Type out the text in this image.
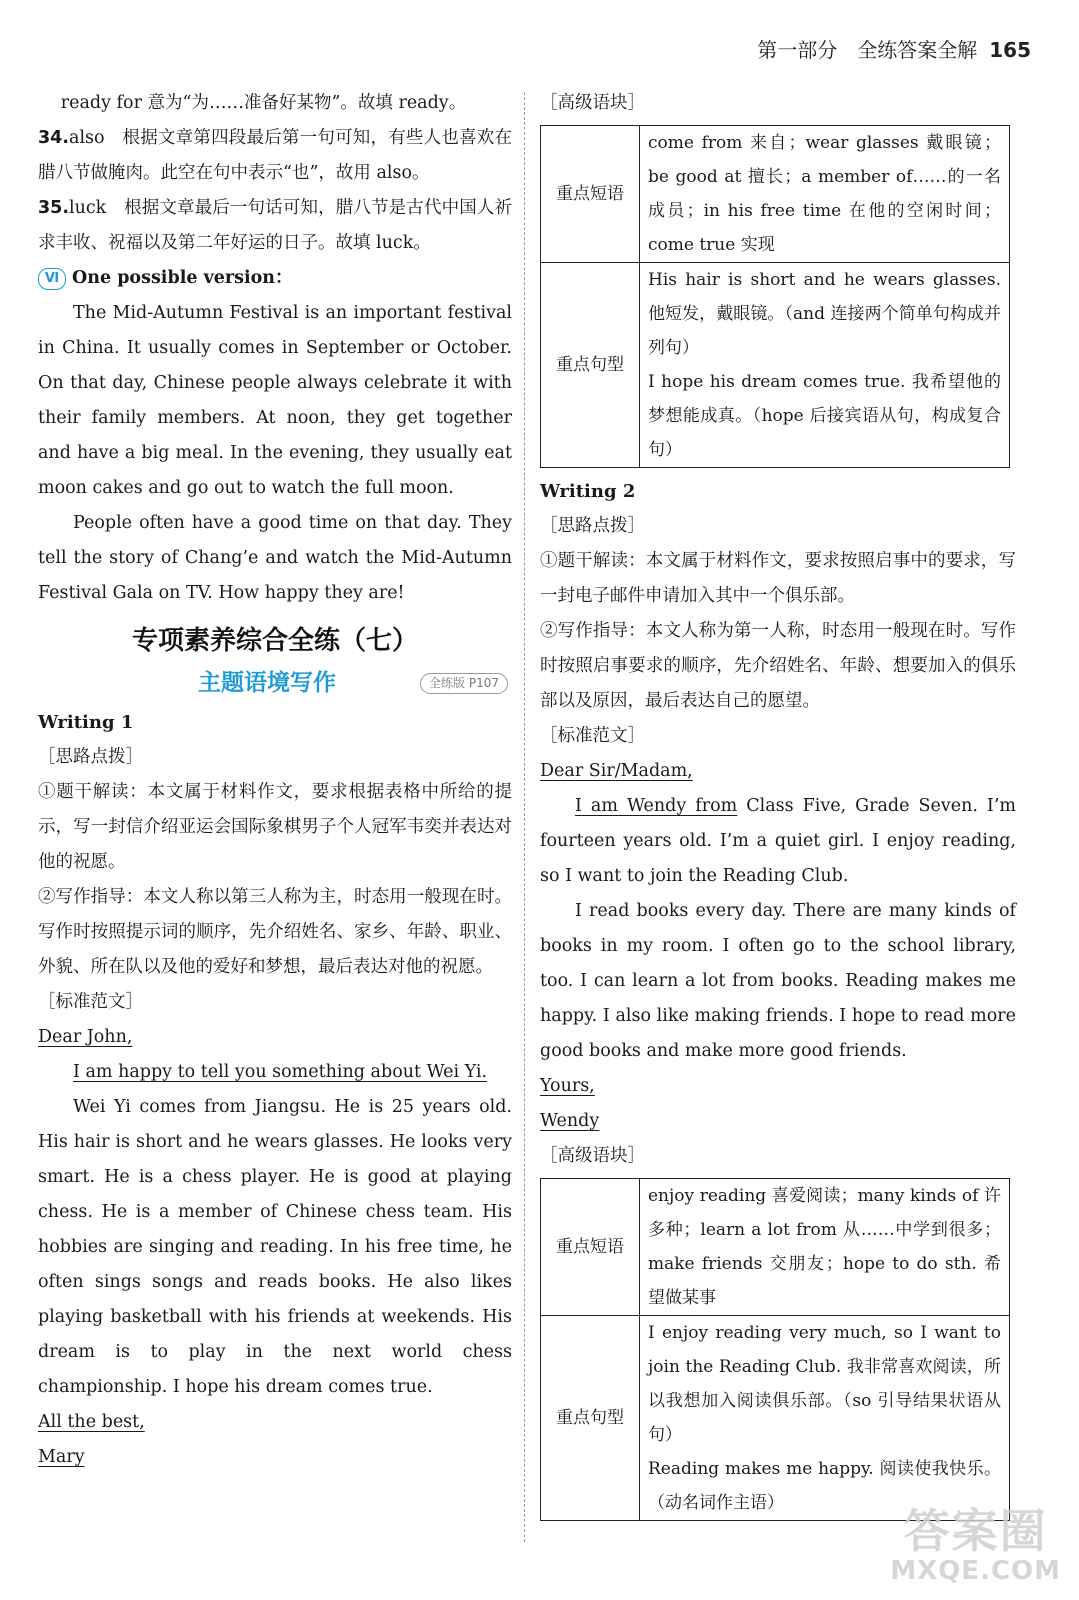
第一部分　全练答案全解 165

ready for 意为“为……准备好某物”。故填 ready。

34.also　根据文章第四段最后第一句可知，有些人也喜欢在腊八节做腌肉。此空在句中表示“也”，故用 also。

35.luck　根据文章最后一句话可知，腊八节是古代中国人祈求丰收、祝福以及第二年好运的日子。故填 luck。

Ⅵ One possible version：

The Mid-Autumn Festival is an important festival in China. It usually comes in September or October. On that day, Chinese people always celebrate it with their family members. At noon, they get together and have a big meal. In the evening, they usually eat moon cakes and go out to watch the full moon.

People often have a good time on that day. They tell the story of Chang’e and watch the Mid-Autumn Festival Gala on TV. How happy they are!

专项素养综合全练（七）
主题语境写作	全练版 P107

Writing 1

［思路点拨］

①题干解读：本文属于材料作文，要求根据表格中所给的提示，写一封信介绍亚运会国际象棋男子个人冠军韦奕并表达对他的祝愿。

②写作指导：本文人称以第三人称为主，时态用一般现在时。写作时按照提示词的顺序，先介绍姓名、家乡、年龄、职业、外貌、所在队以及他的爱好和梦想，最后表达对他的祝愿。

［标准范文］

Dear John,

I am happy to tell you something about Wei Yi.

Wei Yi comes from Jiangsu. He is 25 years old. His hair is short and he wears glasses. He looks very smart. He is a chess player. He is good at playing chess. He is a member of Chinese chess team. His hobbies are singing and reading. In his free time, he often sings songs and reads books. He also likes playing basketball with his friends at weekends. His dream is to play in the next world chess championship. I hope his dream comes true.

All the best,

Mary

［高级语块］

重点短语	come from 来自；wear glasses 戴眼镜；be good at 擅长；a member of……的一名成员；in his free time 在他的空闲时间；come true 实现
重点句型	His hair is short and he wears glasses. 他短发，戴眼镜。（and 连接两个简单句构成并列句）
I hope his dream comes true. 我希望他的梦想能成真。（hope 后接宾语从句，构成复合句）

Writing 2

［思路点拨］

①题干解读：本文属于材料作文，要求按照启事中的要求，写一封电子邮件申请加入其中一个俱乐部。

②写作指导：本文人称为第一人称，时态用一般现在时。写作时按照启事要求的顺序，先介绍姓名、年龄、想要加入的俱乐部以及原因，最后表达自己的愿望。

［标准范文］

Dear Sir/Madam,

I am Wendy from Class Five, Grade Seven. I’m fourteen years old. I’m a quiet girl. I enjoy reading, so I want to join the Reading Club.

I read books every day. There are many kinds of books in my room. I often go to the school library, too. I can learn a lot from books. Reading makes me happy. I also like making friends. I hope to read more good books and make more good friends.

Yours,

Wendy

［高级语块］

重点短语	enjoy reading 喜爱阅读；many kinds of 许多种；learn a lot from 从……中学到很多；make friends 交朋友；hope to do sth. 希望做某事
重点句型	I enjoy reading very much, so I want to join the Reading Club. 我非常喜欢阅读，所以我想加入阅读俱乐部。（so 引导结果状语从句）
Reading makes me happy. 阅读使我快乐。（动名词作主语）
答案圈
MXQE.COM
